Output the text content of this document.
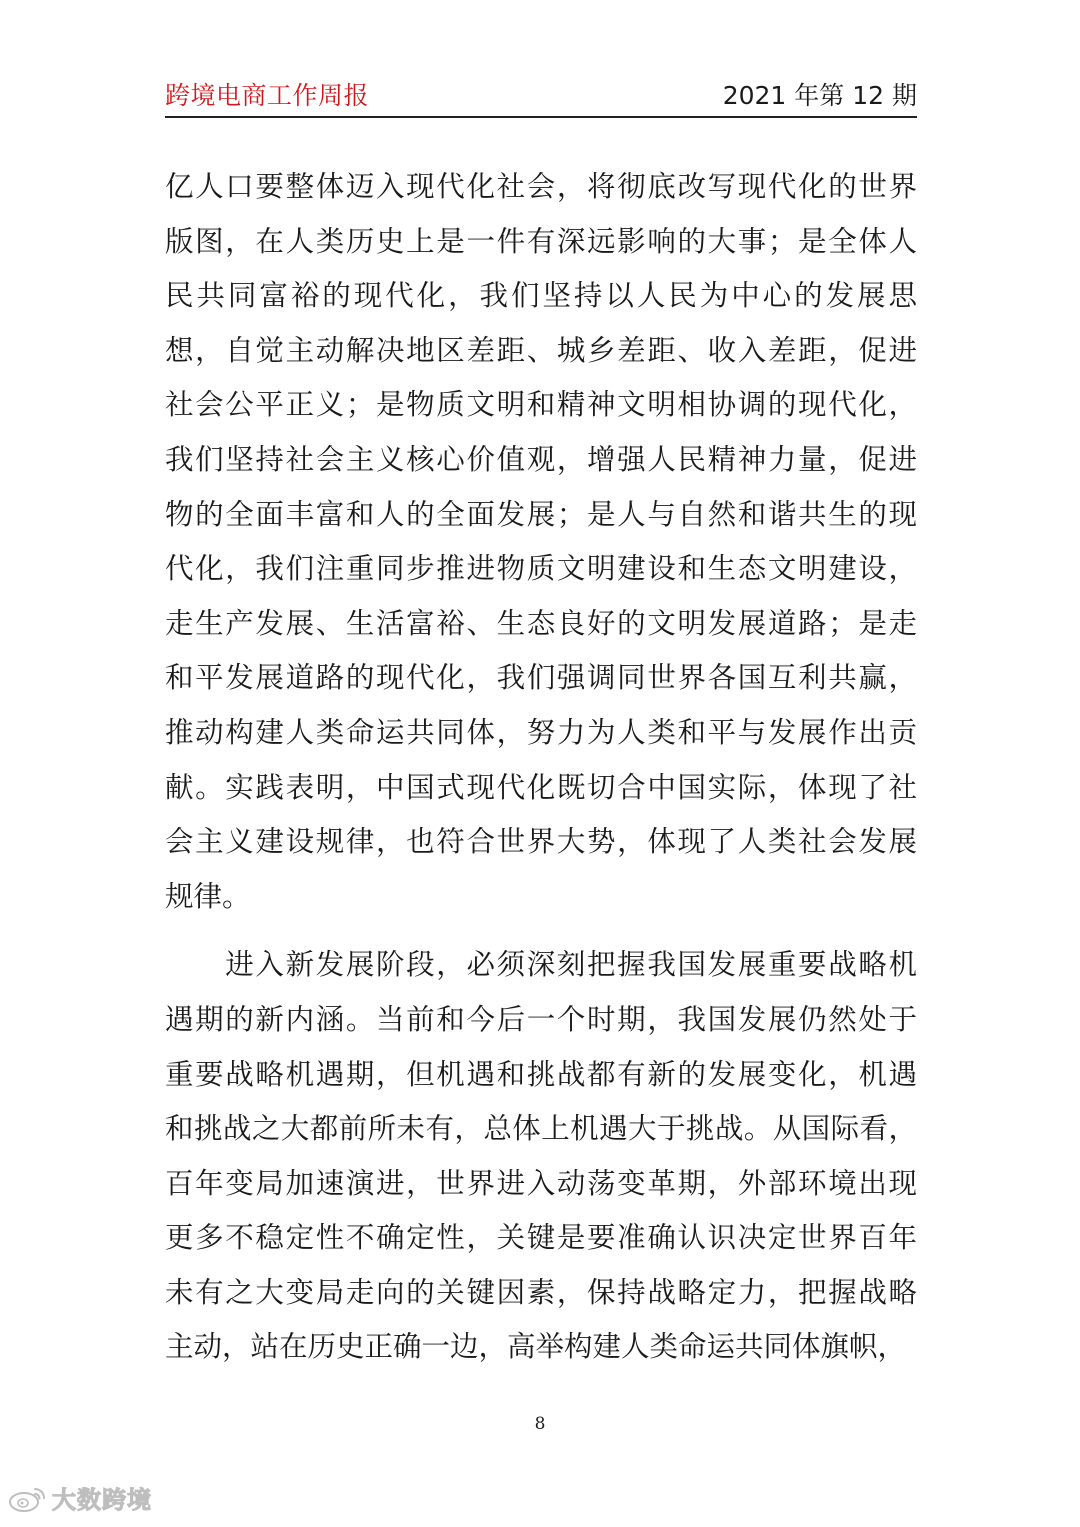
跨境电商工作周报	2021 年第 12 期
亿人口要整体迈入现代化社会，将彻底改写现代化的世界
版图，在人类历史上是一件有深远影响的大事；是全体人
民共同富裕的现代化，我们坚持以人民为中心的发展思
想，自觉主动解决地区差距、城乡差距、收入差距，促进
社会公平正义；是物质文明和精神文明相协调的现代化，
我们坚持社会主义核心价值观，增强人民精神力量，促进
物的全面丰富和人的全面发展；是人与自然和谐共生的现
代化，我们注重同步推进物质文明建设和生态文明建设，
走生产发展、生活富裕、生态良好的文明发展道路；是走
和平发展道路的现代化，我们强调同世界各国互利共赢，
推动构建人类命运共同体，努力为人类和平与发展作出贡
献。实践表明，中国式现代化既切合中国实际，体现了社
会主义建设规律，也符合世界大势，体现了人类社会发展
规律。
　　进入新发展阶段，必须深刻把握我国发展重要战略机
遇期的新内涵。当前和今后一个时期，我国发展仍然处于
重要战略机遇期，但机遇和挑战都有新的发展变化，机遇
和挑战之大都前所未有，总体上机遇大于挑战。从国际看，
百年变局加速演进，世界进入动荡变革期，外部环境出现
更多不稳定性不确定性，关键是要准确认识决定世界百年
未有之大变局走向的关键因素，保持战略定力，把握战略
主动，站在历史正确一边，高举构建人类命运共同体旗帜，
8
大数跨境
